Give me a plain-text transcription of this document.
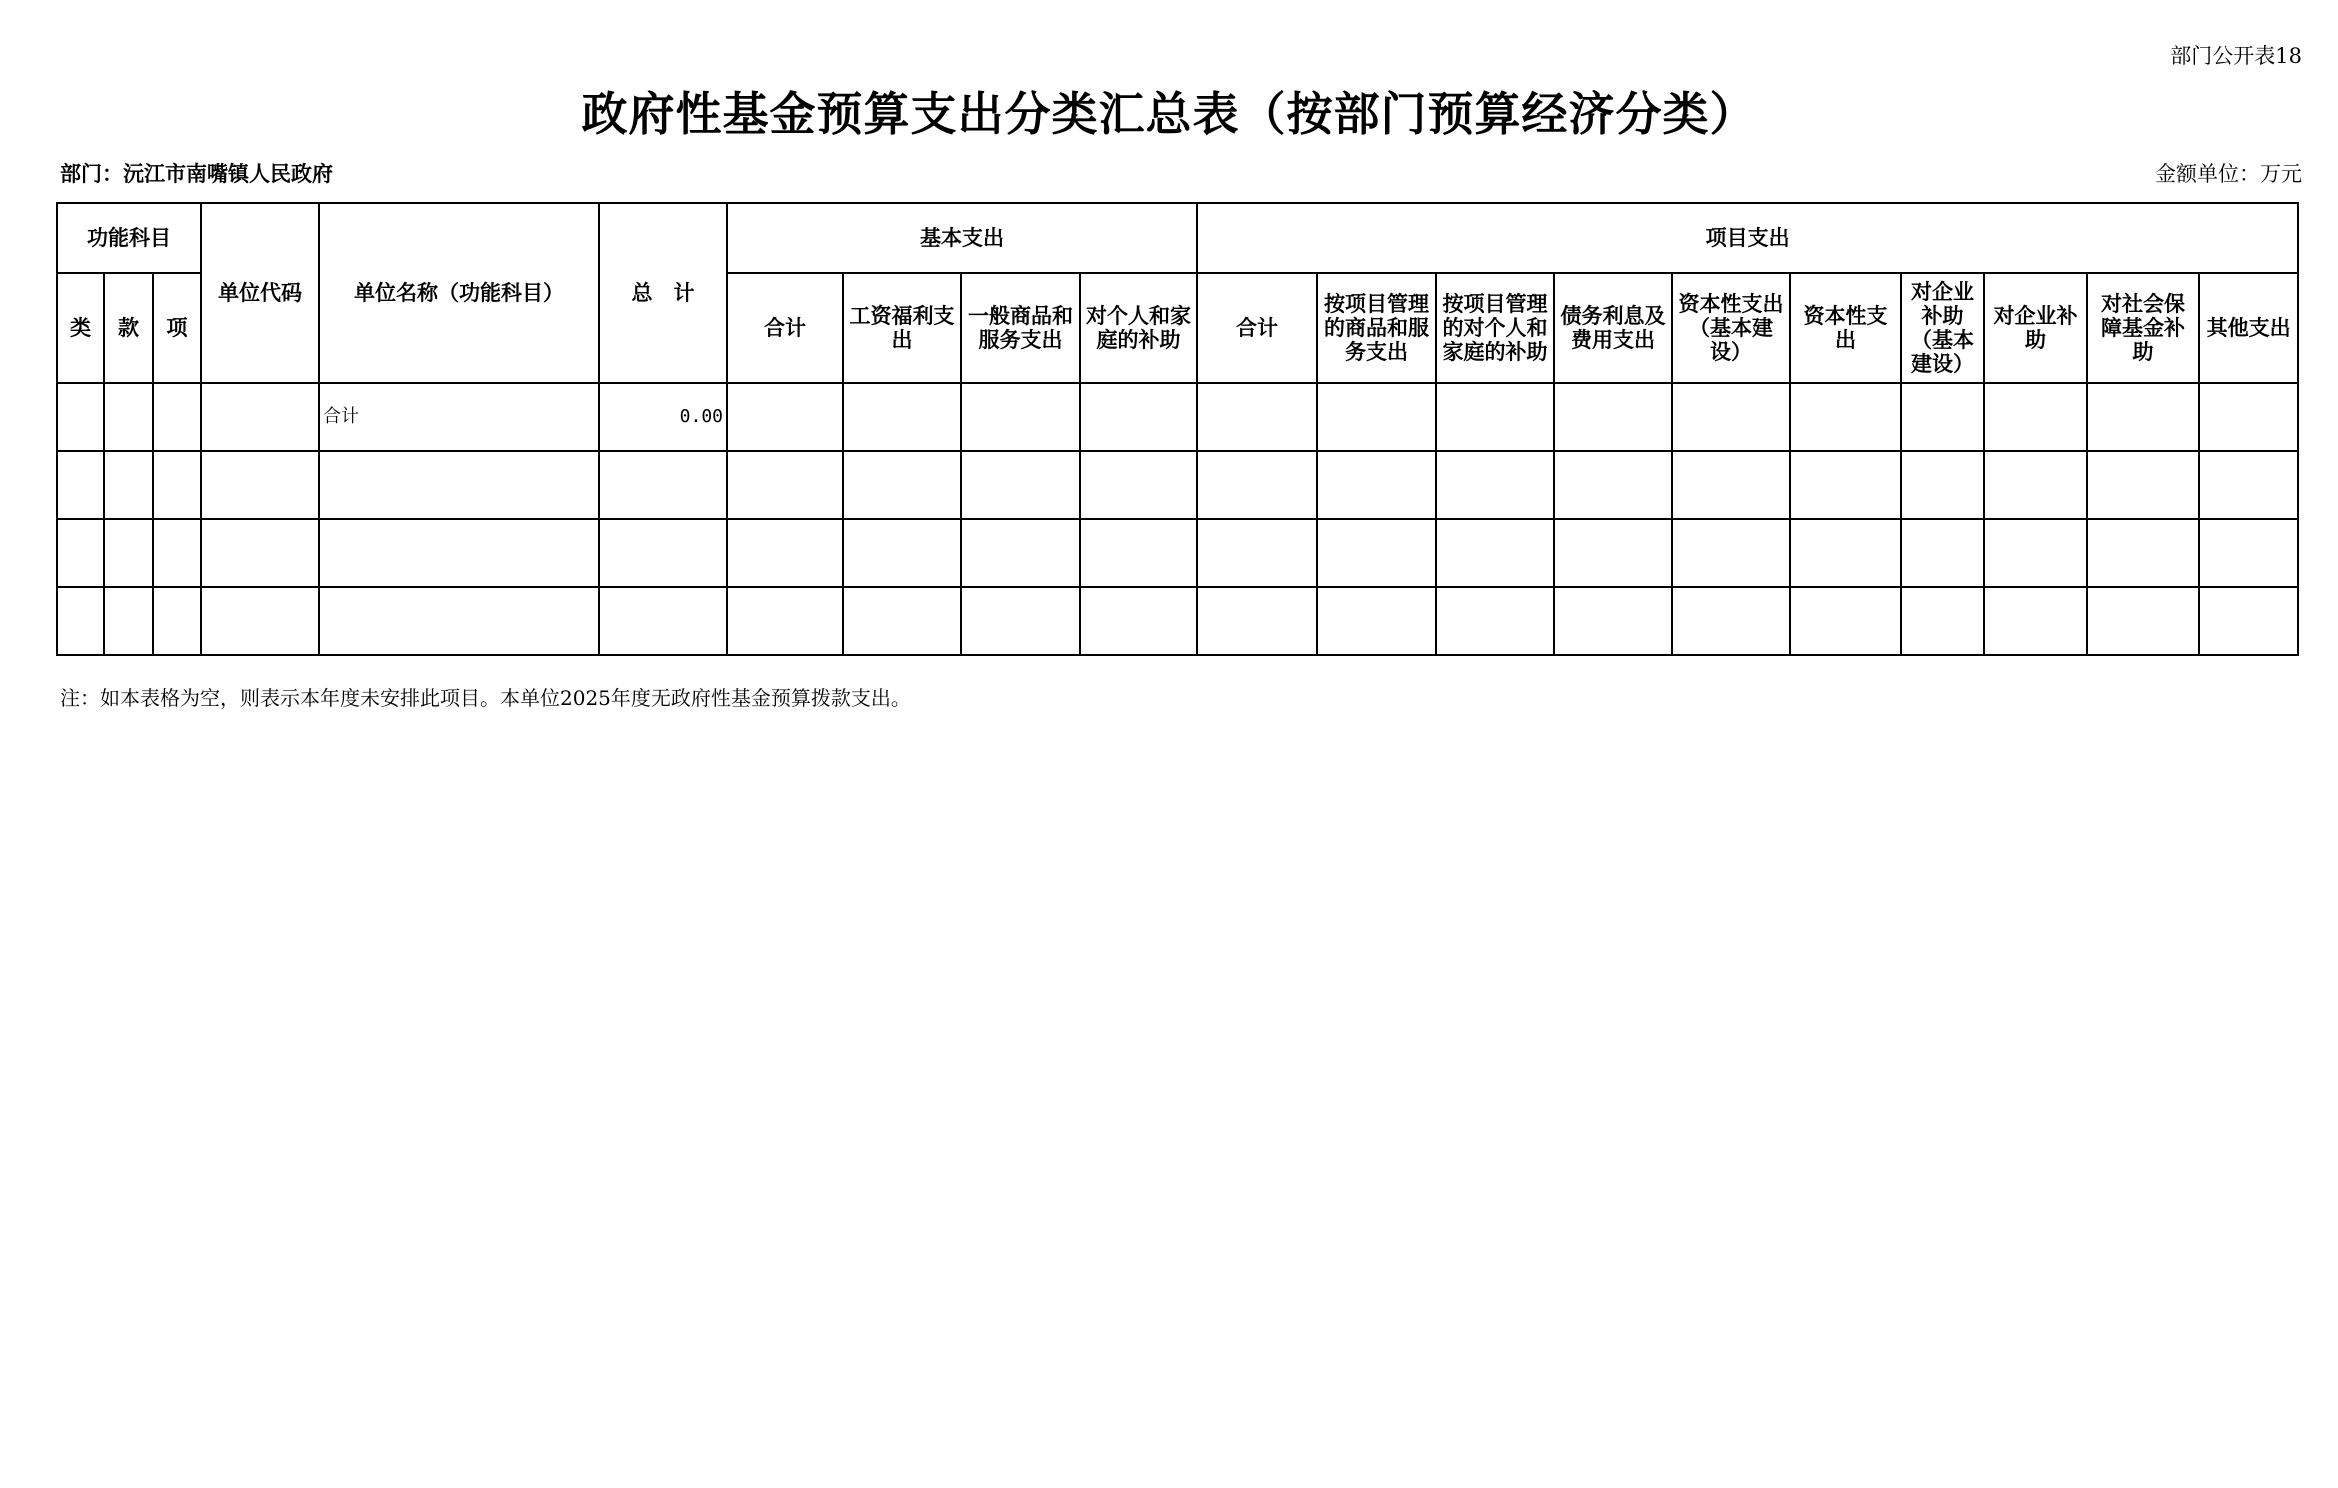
部门公开表18
政府性基金预算支出分类汇总表（按部门预算经济分类）
部门：沅江市南嘴镇人民政府	金额单位：万元
功能科目			单位代码	单位名称（功能科目）	总　计	基本支出				项目支出									
类	款	项				合计	工资福利支出	一般商品和服务支出	对个人和家庭的补助	合计	按项目管理的商品和服务支出	按项目管理的对个人和家庭的补助	债务利息及费用支出	资本性支出（基本建设）	资本性支出	对企业补助（基本建设）	对企业补助	对社会保障基金补助	其他支出
				合计	0.00														

注：如本表格为空，则表示本年度未安排此项目。本单位2025年度无政府性基金预算拨款支出。
